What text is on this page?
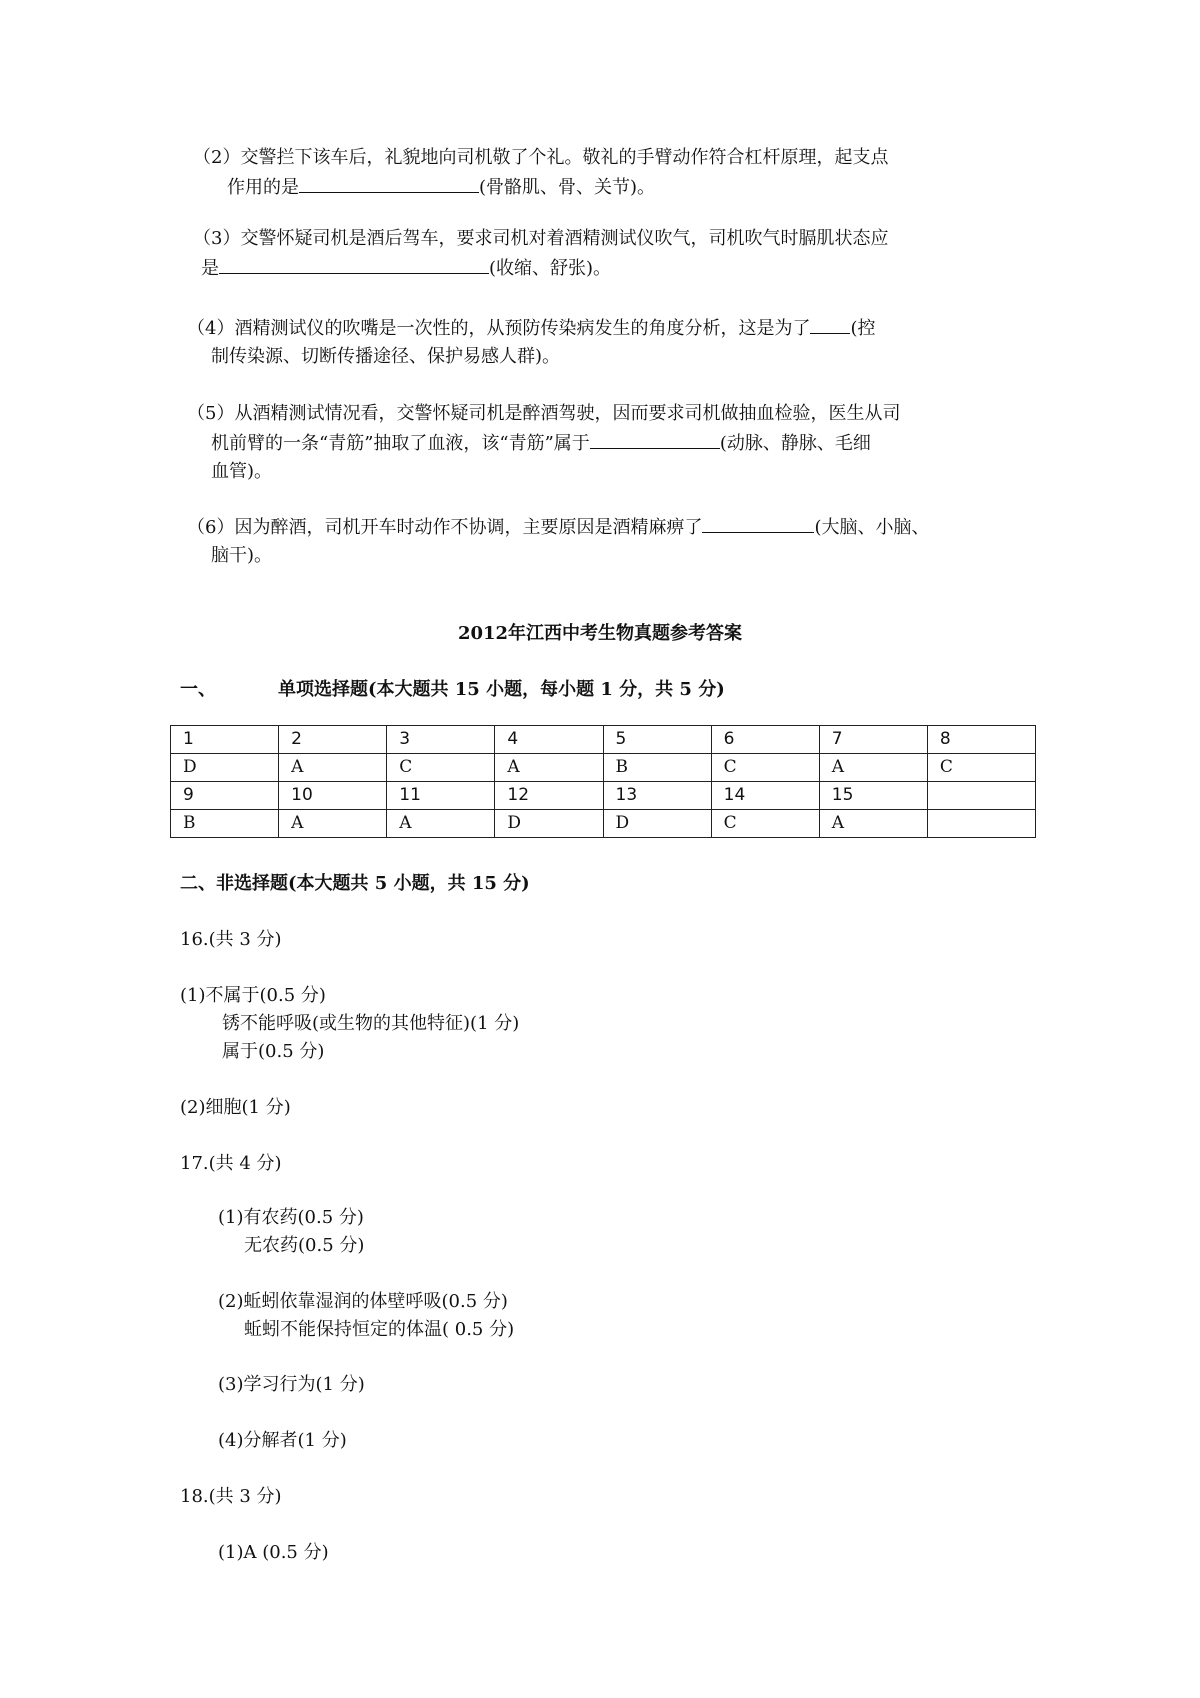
（2）交警拦下该车后，礼貌地向司机敬了个礼。敬礼的手臂动作符合杠杆原理，起支点
作用的是	(骨骼肌、骨、关节)。
（3）交警怀疑司机是酒后驾车，要求司机对着酒精测试仪吹气，司机吹气时膈肌状态应
是	(收缩、舒张)。
（4）酒精测试仪的吹嘴是一次性的，从预防传染病发生的角度分析，这是为了 (控
制传染源、切断传播途径、保护易感人群)。
（5）从酒精测试情况看，交警怀疑司机是醉酒驾驶，因而要求司机做抽血检验，医生从司
机前臂的一条“青筋”抽取了血液，该“青筋”属于	(动脉、静脉、毛细
血管)。
（6）因为醉酒，司机开车时动作不协调，主要原因是酒精麻痹了	(大脑、小脑、
脑干)。
2012年江西中考生物真题参考答案
一、	单项选择题(本大题共 15 小题，每小题 1 分，共 5 分)
1	2	3	4	5	6	7	8
D	A	C	A	B	C	A	C
9	10	11	12	13	14	15	
B	A	A	D	D	C	A	
二、非选择题(本大题共 5 小题，共 15 分)
16.(共 3 分)
(1)不属于(0.5 分)
锈不能呼吸(或生物的其他特征)(1 分)
属于(0.5 分)
(2)细胞(1 分)
17.(共 4 分)
(1)有农药(0.5 分)
无农药(0.5 分)
(2)蚯蚓依靠湿润的体壁呼吸(0.5 分)
蚯蚓不能保持恒定的体温( 0.5 分)
(3)学习行为(1 分)
(4)分解者(1 分)
18.(共 3 分)
(1)A (0.5 分)
